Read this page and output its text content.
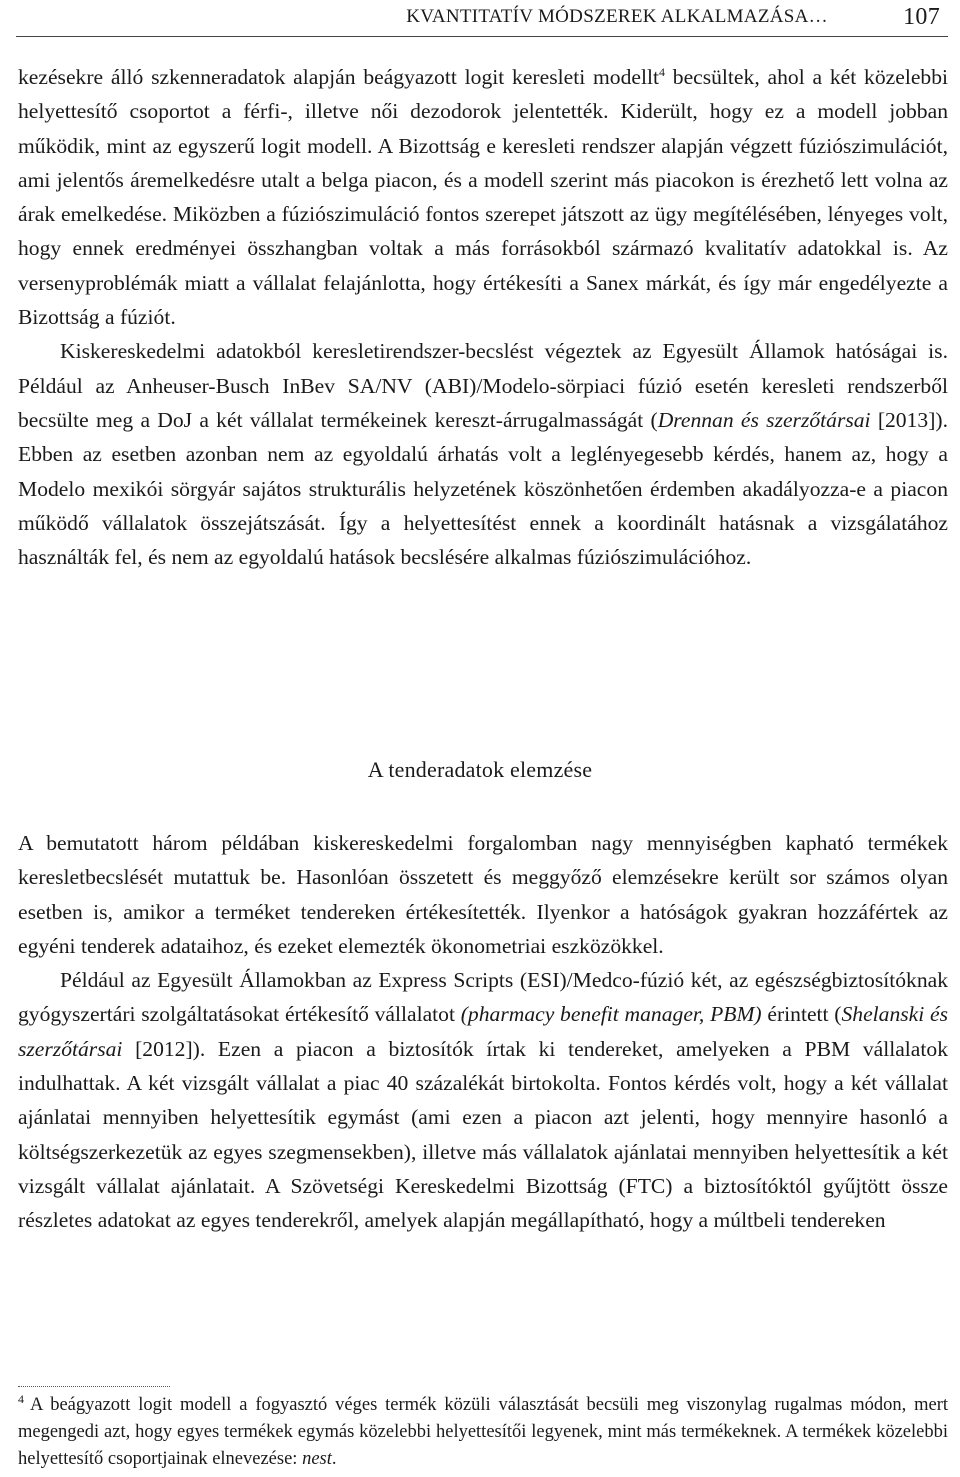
KVANTITATÍV MÓDSZEREK ALKALMAZÁSA…	107

kezésekre álló szkenneradatok alapján beágyazott logit keresleti modellt$^4$ becsültek, ahol a két közelebbi helyettesítő csoportot a férfi-, illetve női dezodorok jelentették. Kiderült, hogy ez a modell jobban működik, mint az egyszerű logit modell. A Bizottság e keresleti rendszer alapján végzett fúziószimulációt, ami jelentős áremelkedésre utalt a belga piacon, és a modell szerint más piacokon is érezhető lett volna az árak emelkedése. Miközben a fúziószimuláció fontos szerepet játszott az ügy megítélésében, lényeges volt, hogy ennek eredményei összhangban voltak a más forrásokból származó kvalitatív adatokkal is. Az versenyproblémák miatt a vállalat felajánlotta, hogy értékesíti a Sanex márkát, és így már engedélyezte a Bizottság a fúziót.

Kiskereskedelmi adatokból keresletirendszer-becslést végeztek az Egyesült Államok hatóságai is. Például az Anheuser-Busch InBev SA/NV (ABI)/Modelo-sörpiaci fúzió esetén keresleti rendszerből becsülte meg a DoJ a két vállalat termékeinek kereszt-árrugalmasságát (Drennan és szerzőtársai [2013]). Ebben az esetben azonban nem az egyoldalú árhatás volt a leglényegesebb kérdés, hanem az, hogy a Modelo mexikói sörgyár sajátos strukturális helyzetének köszönhetően érdemben akadályozza-e a piacon működő vállalatok összejátszását. Így a helyettesítést ennek a koordinált hatásnak a vizsgálatához használták fel, és nem az egyoldalú hatások becslésére alkalmas fúziószimulációhoz.

A tenderadatok elemzése

A bemutatott három példában kiskereskedelmi forgalomban nagy mennyiségben kapható termékek keresletbecslését mutattuk be. Hasonlóan összetett és meggyőző elemzésekre került sor számos olyan esetben is, amikor a terméket tendereken értékesítették. Ilyenkor a hatóságok gyakran hozzáfértek az egyéni tenderek adataihoz, és ezeket elemezték ökonometriai eszközökkel.

Például az Egyesült Államokban az Express Scripts (ESI)/Medco-fúzió két, az egészségbiztosítóknak gyógyszertári szolgáltatásokat értékesítő vállalatot (pharmacy benefit manager, PBM) érintett (Shelanski és szerzőtársai [2012]). Ezen a piacon a biztosítók írtak ki tendereket, amelyeken a PBM vállalatok indulhattak. A két vizsgált vállalat a piac 40 százalékát birtokolta. Fontos kérdés volt, hogy a két vállalat ajánlatai mennyiben helyettesítik egymást (ami ezen a piacon azt jelenti, hogy mennyire hasonló a költségszerkezetük az egyes szegmensekben), illetve más vállalatok ajánlatai mennyiben helyettesítik a két vizsgált vállalat ajánlatait. A Szövetségi Kereskedelmi Bizottság (FTC) a biztosítóktól gyűjtött össze részletes adatokat az egyes tenderekről, amelyek alapján megállapítható, hogy a múltbeli tendereken

$^4$ A beágyazott logit modell a fogyasztó véges termék közüli választását becsüli meg viszonylag rugalmas módon, mert megengedi azt, hogy egyes termékek egymás közelebbi helyettesítői legyenek, mint más termékeknek. A termékek közelebbi helyettesítő csoportjainak elnevezése: nest.
